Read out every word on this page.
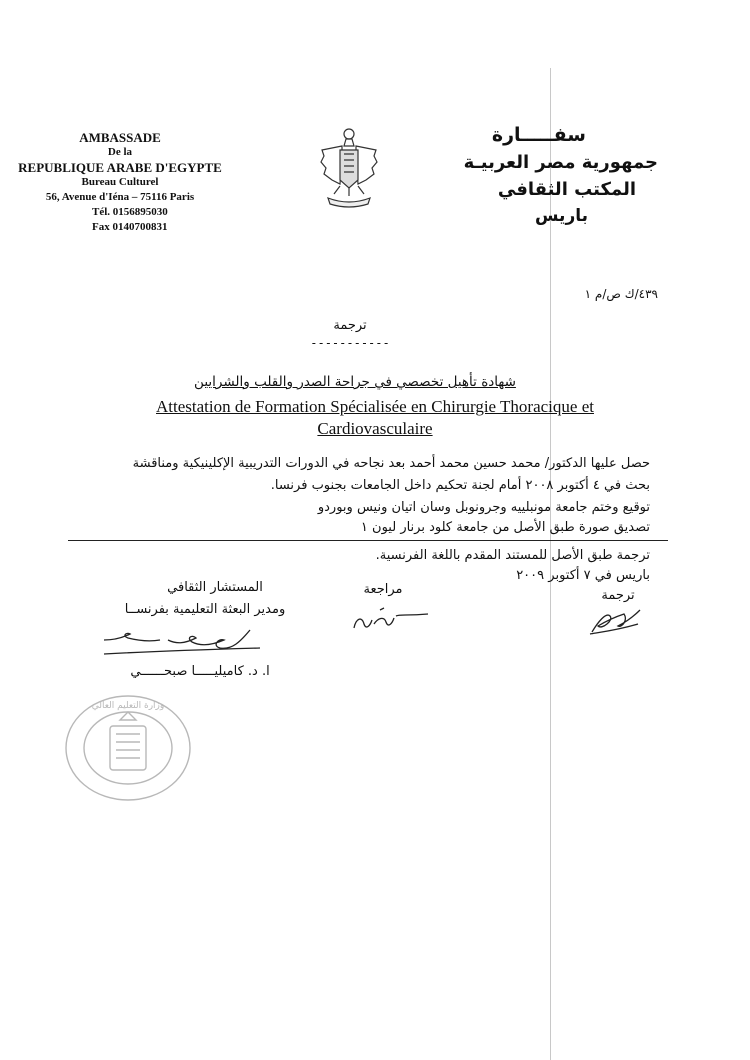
AMBASSADE
De la
REPUBLIQUE ARABE D'EGYPTE
Bureau Culturel
56, Avenue d'Iéna – 75116 Paris
Tél. 0156895030
Fax 0140700831
سفـــــارة
جمهورية مصر العربيـة
المكتب الثقافي
باريس
٤٣٩/ك ص/م ١
ترجمة
-----------
شهادة تأهيل تخصصي في جراحة الصدر والقلب والشرايين
Attestation de Formation Spécialisée en Chirurgie Thoracique et Cardiovasculaire
حصل عليها الدكتور/ محمد حسين محمد أحمد بعد نجاحه في الدورات التدريبية الإكلينيكية ومناقشة
بحث في ٤ أكتوبر ٢٠٠٨ أمام لجنة تحكيم داخل الجامعات بجنوب فرنسا.
توقيع وختم جامعة مونبلييه وجرونوبل وسان اتيان ونيس وبوردو
تصديق صورة طبق الأصل من جامعة كلود برنار ليون ١
ترجمة طبق الأصل للمستند المقدم باللغة الفرنسية.
باريس في ٧ أكتوبر ٢٠٠٩
ترجمة
مراجعة
المستشار الثقافي
ومدير البعثة التعليمية بفرنســا
ا. د. كاميليـــــا صبحــــــي
وزارة التعليم العالي
